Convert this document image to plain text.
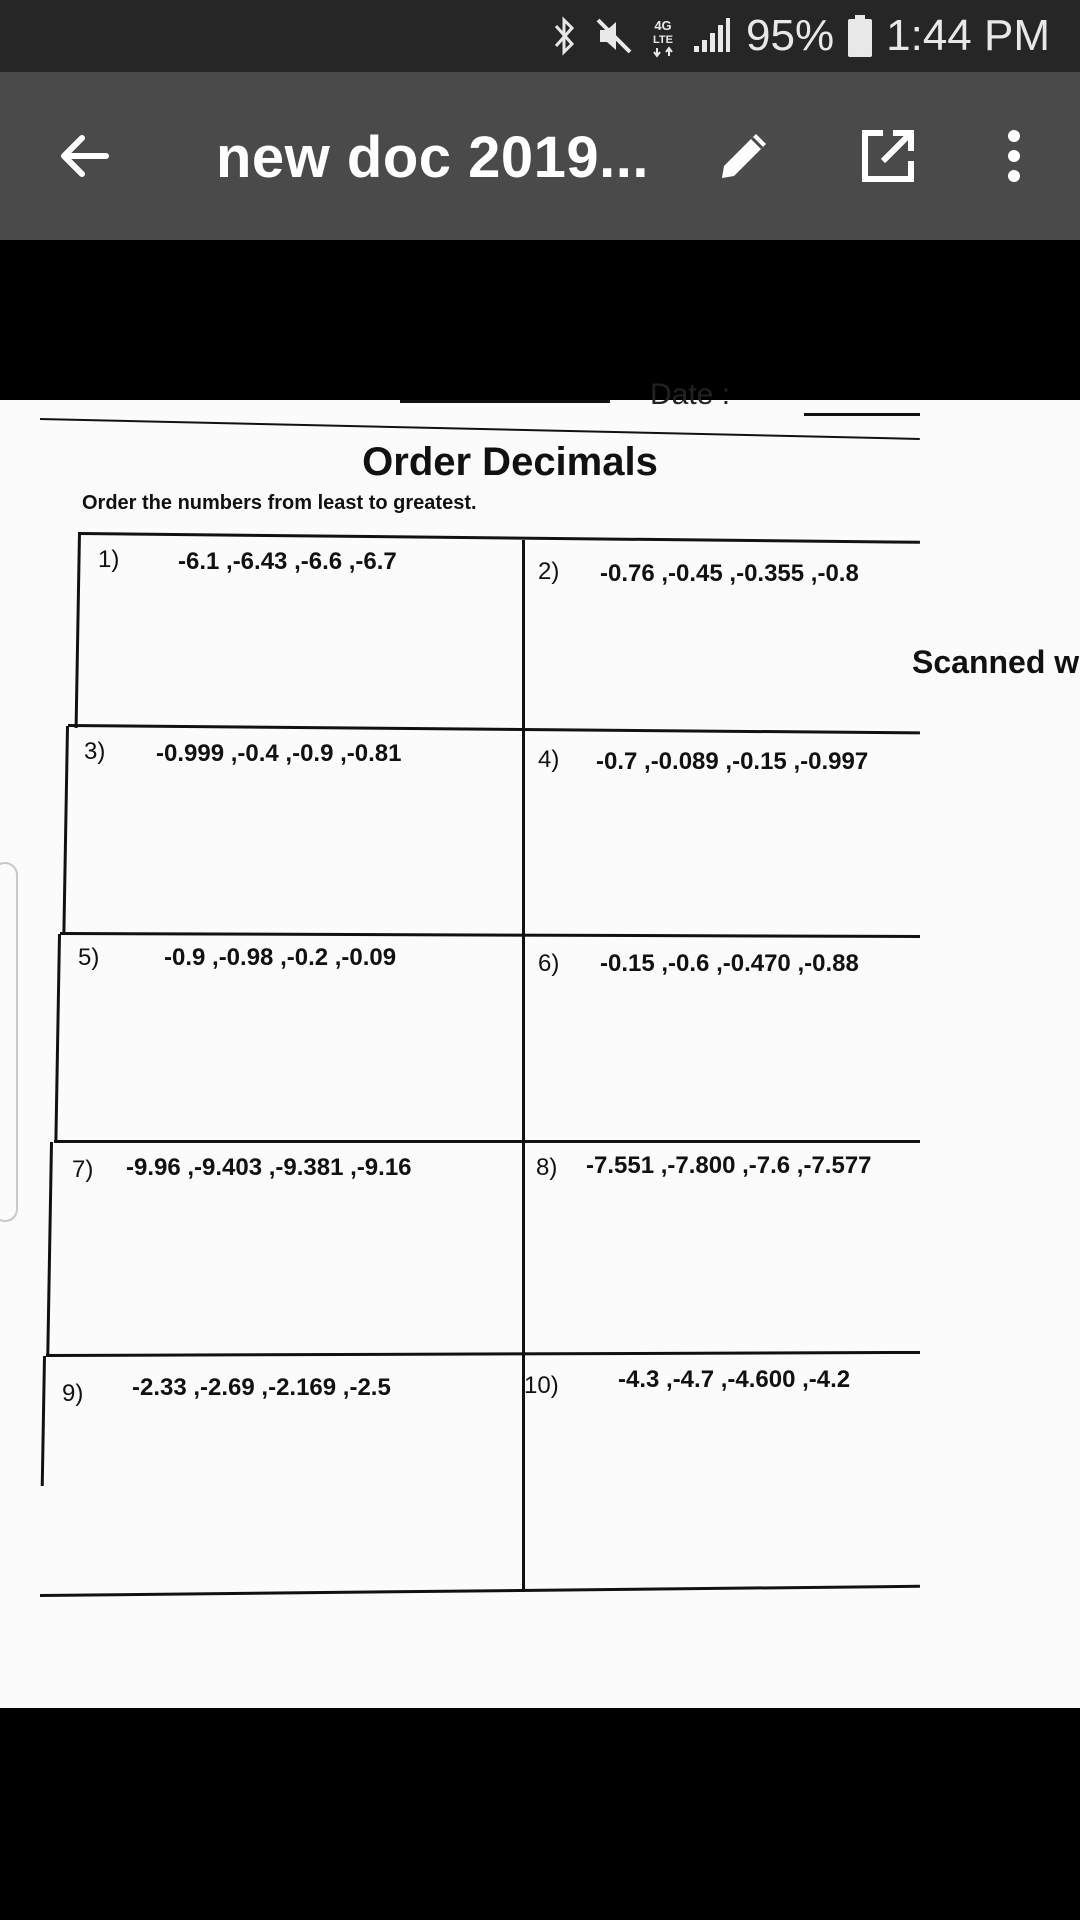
4G
LTE 95% 1:44 PM
new doc 2019...
Date :
Order Decimals
Order the numbers from least to greatest.
1) -6.1 ,-6.43 ,-6.6 ,-6.7	2) -0.76 ,-0.45 ,-0.355 ,-0.8
3) -0.999 ,-0.4 ,-0.9 ,-0.81	4) -0.7 ,-0.089 ,-0.15 ,-0.997
5)	-0.9 ,-0.98 ,-0.2 ,-0.09	6) -0.15 ,-0.6 ,-0.470 ,-0.88
7) -9.96 ,-9.403 ,-9.381 ,-9.16	8) -7.551 ,-7.800 ,-7.6 ,-7.577
9) -2.33 ,-2.69 ,-2.169 ,-2.5	10) -4.3 ,-4.7 ,-4.600 ,-4.2
Scanned w
